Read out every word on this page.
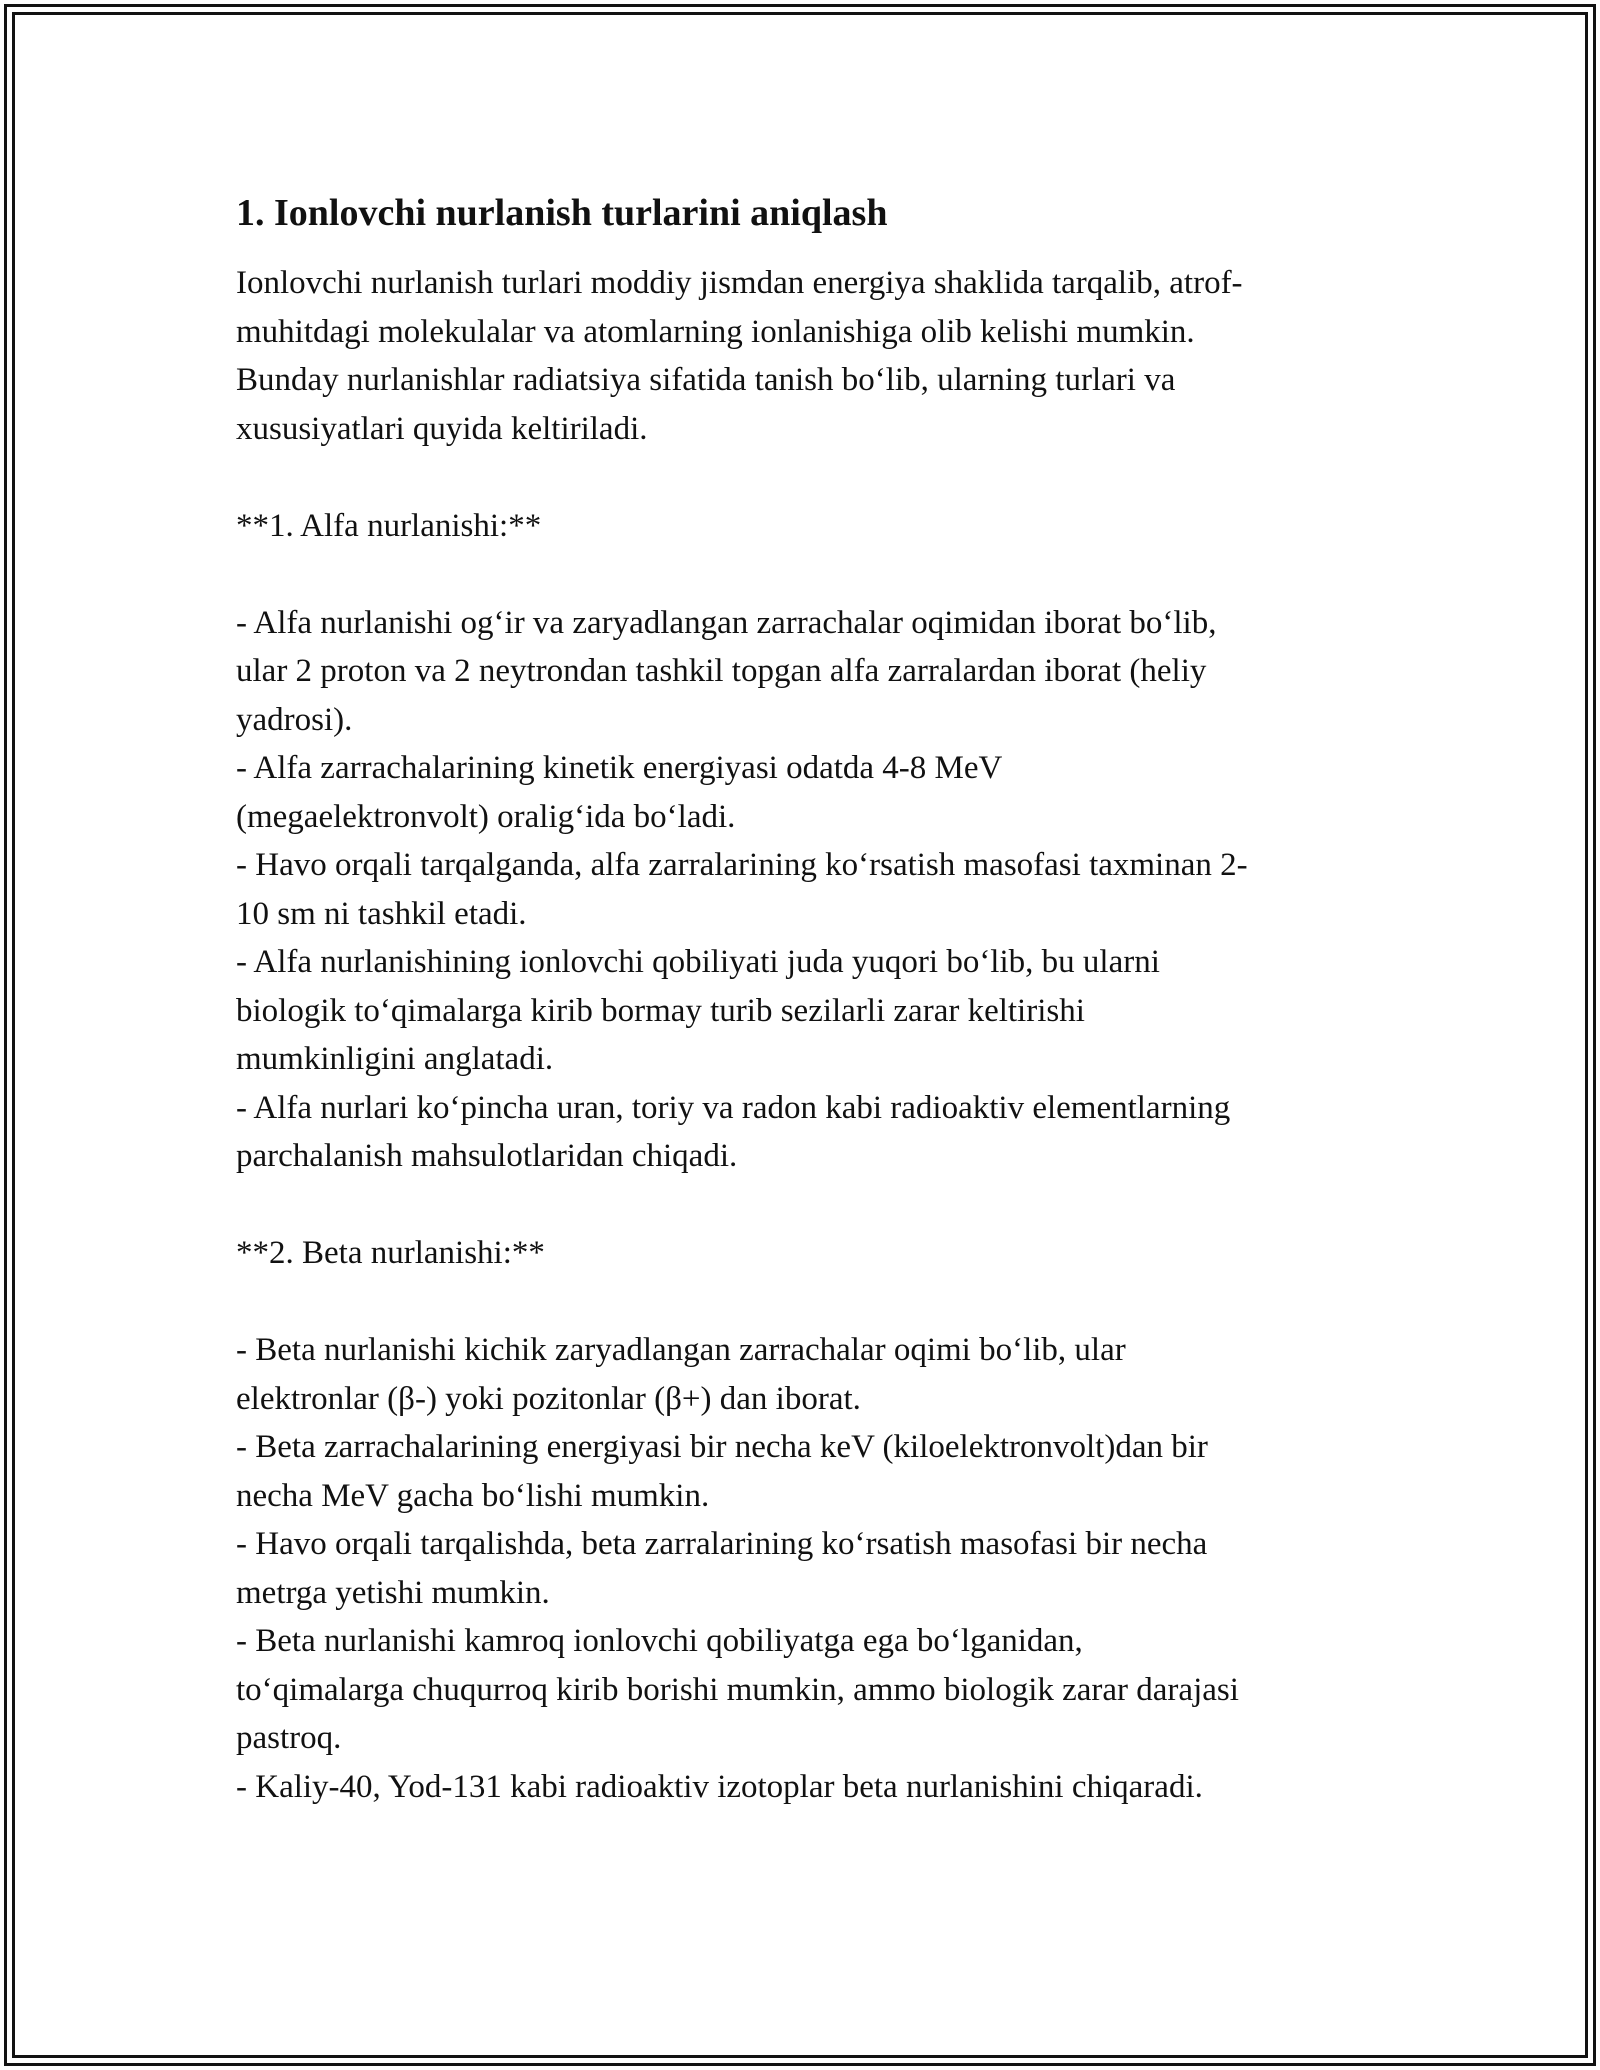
1. Ionlovchi nurlanish turlarini aniqlash

Ionlovchi nurlanish turlari moddiy jismdan energiya shaklida tarqalib, atrof-
muhitdagi molekulalar va atomlarning ionlanishiga olib kelishi mumkin.
Bunday nurlanishlar radiatsiya sifatida tanish bo‘lib, ularning turlari va
xususiyatlari quyida keltiriladi.

**1. Alfa nurlanishi:**

- Alfa nurlanishi og‘ir va zaryadlangan zarrachalar oqimidan iborat bo‘lib,
ular 2 proton va 2 neytrondan tashkil topgan alfa zarralardan iborat (heliy
yadrosi).
- Alfa zarrachalarining kinetik energiyasi odatda 4-8 MeV
(megaelektronvolt) oralig‘ida bo‘ladi.
- Havo orqali tarqalganda, alfa zarralarining ko‘rsatish masofasi taxminan 2-
10 sm ni tashkil etadi.
- Alfa nurlanishining ionlovchi qobiliyati juda yuqori bo‘lib, bu ularni
biologik to‘qimalarga kirib bormay turib sezilarli zarar keltirishi
mumkinligini anglatadi.
- Alfa nurlari ko‘pincha uran, toriy va radon kabi radioaktiv elementlarning
parchalanish mahsulotlaridan chiqadi.

**2. Beta nurlanishi:**

- Beta nurlanishi kichik zaryadlangan zarrachalar oqimi bo‘lib, ular
elektronlar (β-) yoki pozitonlar (β+) dan iborat.
- Beta zarrachalarining energiyasi bir necha keV (kiloelektronvolt)dan bir
necha MeV gacha bo‘lishi mumkin.
- Havo orqali tarqalishda, beta zarralarining ko‘rsatish masofasi bir necha
metrga yetishi mumkin.
- Beta nurlanishi kamroq ionlovchi qobiliyatga ega bo‘lganidan,
to‘qimalarga chuqurroq kirib borishi mumkin, ammo biologik zarar darajasi
pastroq.
- Kaliy-40, Yod-131 kabi radioaktiv izotoplar beta nurlanishini chiqaradi.
